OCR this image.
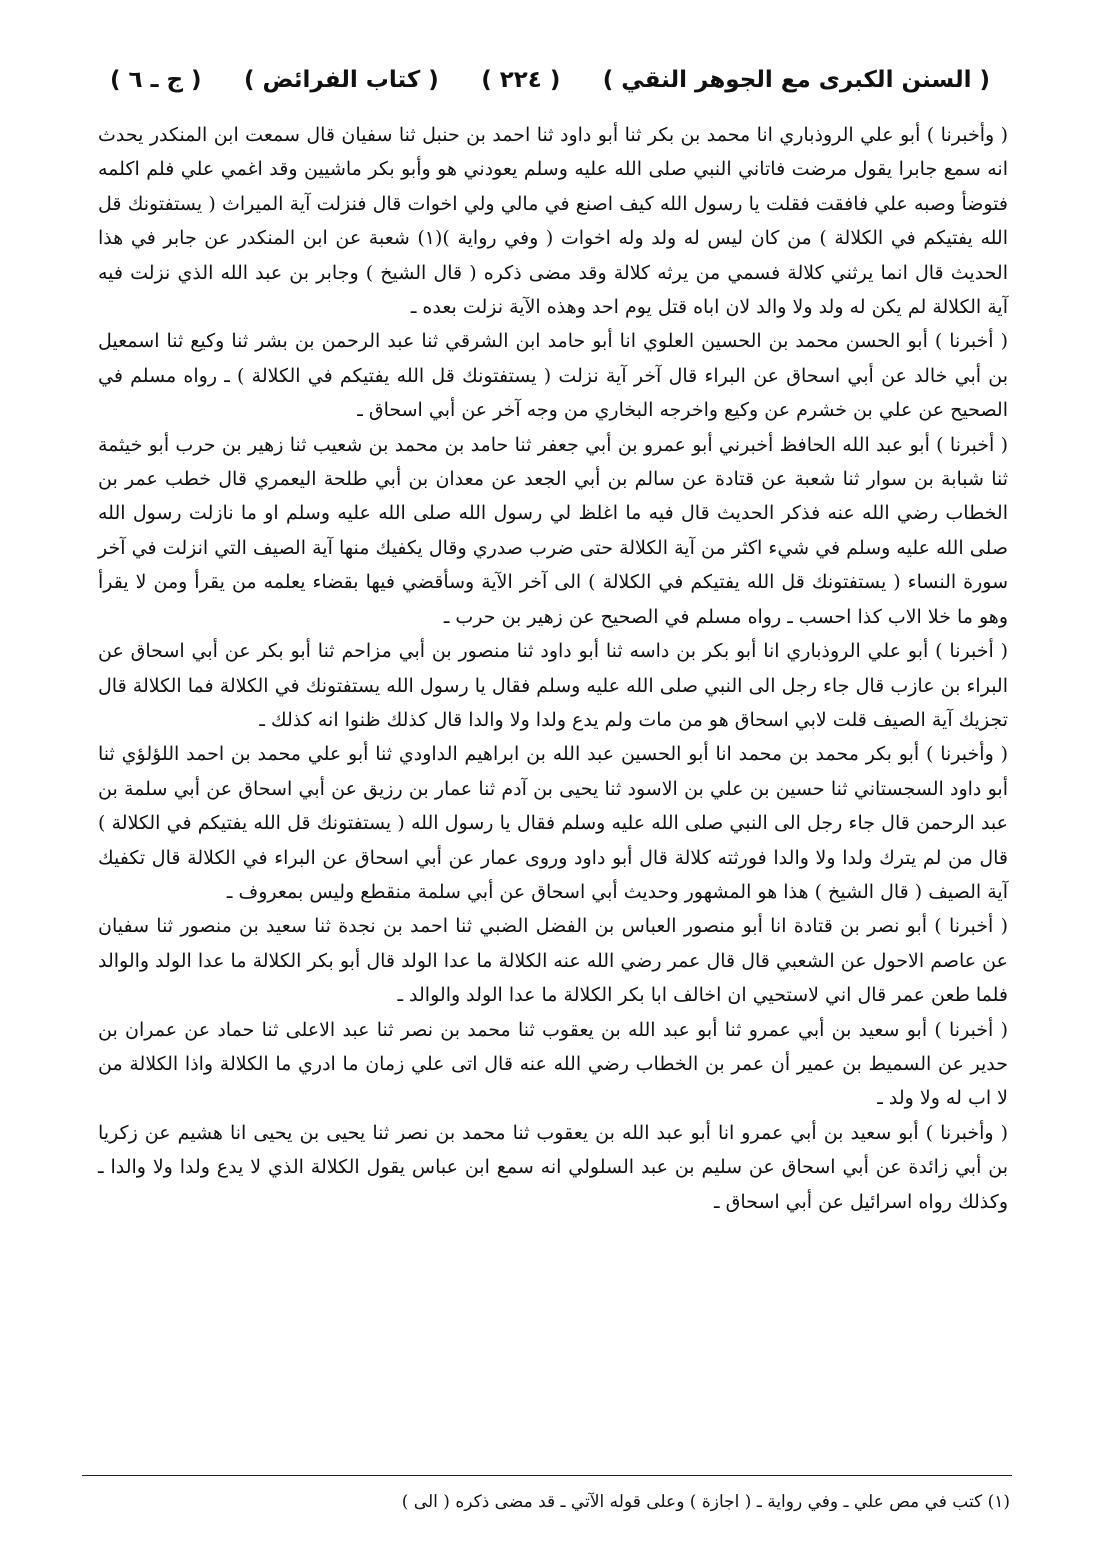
( السنن الكبرى مع الجوهر النقي )
( ٢٢٤ )
( كتاب الفرائض )
( ج ـ ٦ )

( وأخبرنا ) أبو علي الروذباري انا محمد بن بكر ثنا أبو داود ثنا احمد بن حنبل ثنا سفيان قال سمعت ابن المنكدر يحدث انه سمع جابرا يقول مرضت فاتاني النبي صلى الله عليه وسلم يعودني هو وأبو بكر ماشيين وقد اغمي علي فلم اكلمه فتوضأ وصبه علي فافقت فقلت يا رسول الله كيف اصنع في مالي ولي اخوات قال فنزلت آية الميراث ( يستفتونك قل الله يفتيكم في الكلالة ) من كان ليس له ولد وله اخوات ( وفي رواية )(١) شعبة عن ابن المنكدر عن جابر في هذا الحديث قال انما يرثني كلالة فسمي من يرثه كلالة وقد مضى ذكره ( قال الشيخ ) وجابر بن عبد الله الذي نزلت فيه آية الكلالة لم يكن له ولد ولا والد لان اباه قتل يوم احد وهذه الآية نزلت بعده ـ

( أخبرنا ) أبو الحسن محمد بن الحسين العلوي انا أبو حامد ابن الشرقي ثنا عبد الرحمن بن بشر ثنا وكيع ثنا اسمعيل بن أبي خالد عن أبي اسحاق عن البراء قال آخر آية نزلت ( يستفتونك قل الله يفتيكم في الكلالة ) ـ رواه مسلم في الصحيح عن علي بن خشرم عن وكيع واخرجه البخاري من وجه آخر عن أبي اسحاق ـ

( أخبرنا ) أبو عبد الله الحافظ أخبرني أبو عمرو بن أبي جعفر ثنا حامد بن محمد بن شعيب ثنا زهير بن حرب أبو خيثمة ثنا شبابة بن سوار ثنا شعبة عن قتادة عن سالم بن أبي الجعد عن معدان بن أبي طلحة اليعمري قال خطب عمر بن الخطاب رضي الله عنه فذكر الحديث قال فيه ما اغلظ لي رسول الله صلى الله عليه وسلم او ما نازلت رسول الله صلى الله عليه وسلم في شيء اكثر من آية الكلالة حتى ضرب صدري وقال يكفيك منها آية الصيف التي انزلت في آخر سورة النساء ( يستفتونك قل الله يفتيكم في الكلالة ) الى آخر الآية وسأقضي فيها بقضاء يعلمه من يقرأ ومن لا يقرأ وهو ما خلا الاب كذا احسب ـ رواه مسلم في الصحيح عن زهير بن حرب ـ

( أخبرنا ) أبو علي الروذباري انا أبو بكر بن داسه ثنا أبو داود ثنا منصور بن أبي مزاحم ثنا أبو بكر عن أبي اسحاق عن البراء بن عازب قال جاء رجل الى النبي صلى الله عليه وسلم فقال يا رسول الله يستفتونك في الكلالة فما الكلالة قال تجزيك آية الصيف قلت لابي اسحاق هو من مات ولم يدع ولدا ولا والدا قال كذلك ظنوا انه كذلك ـ

( وأخبرنا ) أبو بكر محمد بن محمد انا أبو الحسين عبد الله بن ابراهيم الداودي ثنا أبو علي محمد بن احمد اللؤلؤي ثنا أبو داود السجستاني ثنا حسين بن علي بن الاسود ثنا يحيى بن آدم ثنا عمار بن رزيق عن أبي اسحاق عن أبي سلمة بن عبد الرحمن قال جاء رجل الى النبي صلى الله عليه وسلم فقال يا رسول الله ( يستفتونك قل الله يفتيكم في الكلالة ) قال من لم يترك ولدا ولا والدا فورثته كلالة قال أبو داود وروى عمار عن أبي اسحاق عن البراء في الكلالة قال تكفيك آية الصيف ( قال الشيخ ) هذا هو المشهور وحديث أبي اسحاق عن أبي سلمة منقطع وليس بمعروف ـ

( أخبرنا ) أبو نصر بن قتادة انا أبو منصور العباس بن الفضل الضبي ثنا احمد بن نجدة ثنا سعيد بن منصور ثنا سفيان عن عاصم الاحول عن الشعبي قال قال عمر رضي الله عنه الكلالة ما عدا الولد قال أبو بكر الكلالة ما عدا الولد والوالد فلما طعن عمر قال اني لاستحيي ان اخالف ابا بكر الكلالة ما عدا الولد والوالد ـ

( أخبرنا ) أبو سعيد بن أبي عمرو ثنا أبو عبد الله بن يعقوب ثنا محمد بن نصر ثنا عبد الاعلى ثنا حماد عن عمران بن حدير عن السميط بن عمير أن عمر بن الخطاب رضي الله عنه قال اتى علي زمان ما ادري ما الكلالة واذا الكلالة من لا اب له ولا ولد ـ

( وأخبرنا ) أبو سعيد بن أبي عمرو انا أبو عبد الله بن يعقوب ثنا محمد بن نصر ثنا يحيى بن يحيى انا هشيم عن زكريا بن أبي زائدة عن أبي اسحاق عن سليم بن عبد السلولي انه سمع ابن عباس يقول الكلالة الذي لا يدع ولدا ولا والدا ـ وكذلك رواه اسرائيل عن أبي اسحاق ـ

(١) كتب في مص علي ـ وفي رواية ـ ( اجازة ) وعلى قوله الآتي ـ قد مضى ذكره ( الى )
